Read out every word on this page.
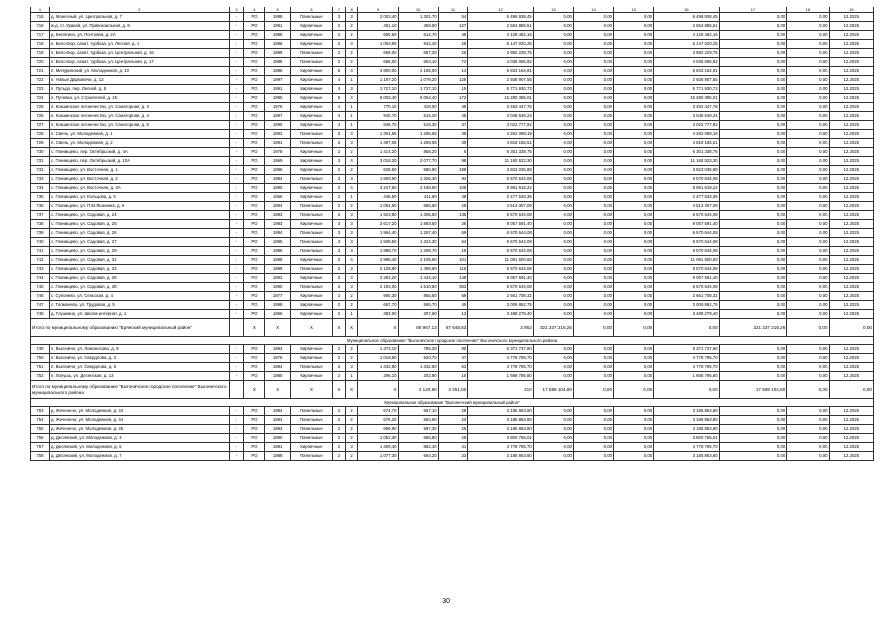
1	2	3	4	5	6	7	8	9	10	11	12	13	14	15	16	17	18	19
715	д. Монетный, ул. Центральная, д. 7	-	РО	1988	Панельные	3	3	2 003,40	1 301,70	54	6 499 938,45	0,00	0,00	0,00	6 499 938,45	0,00	0,00	12.2025
716	ж.д. ст. Уракай, ул. Привокзальная, д. 8	-	РО	1991	Кирпичные	2	2	451,10	368,00	127	2 654 886,51	0,00	0,00	0,00	2 654 886,51	0,00	0,00	12.2025
717	д. Белятино, ул. Почтовая, д. 2А	-	РО	1988	Кирпичные	2	2	655,60	612,70	49	4 128 462,15	0,00	0,00	0,00	4 128 462,15	0,00	0,00	12.2025
718	п. Бело-Бор, санат. турбаза, ул. Лесная, д. 1	-	РО	1986	Кирпичные	2	3	1 063,90	942,40	29	6 147 020,25	0,00	0,00	0,00	6 147 020,25	0,00	0,00	12.2025
719	п. Бело-Бор, санат. турбаза, ул. Центральная, д. 16	-	РО	1989	Панельные	2	2	669,00	657,20	26	3 982 229,75	0,00	0,00	0,00	3 982 229,75	0,00	0,00	12.2025
720	п. Бело-Бор, санат. турбаза, ул. Центральная, д. 17	-	РО	1989	Панельные	2	2	658,00	653,10	72	4 035 065,92	0,00	0,00	0,00	4 035 065,92	0,00	0,00	12.2025
721	п. Мичуринский, ул. Молодежная, д. 10	-	РО	1986	Кирпичные	5	4	4 800,00	2 185,00	14	5 833 164,91	0,00	0,00	0,00	5 833 164,91	0,00	0,00	12.2025
722	п. Новые Дарковичи, д. 13	-	РО	1997	Кирпичные	4	1	1 187,20	1 079,20	128	2 928 907,55	0,00	0,00	0,00	2 928 907,55	0,00	0,00	12.2025
723	п. Путьдо, пер. Лесной, д. 5	-	РО	1991	Кирпичные	4	3	1 727,10	1 727,10	15	5 771 930,73	0,00	0,00	0,00	5 771 930,73	0,00	0,00	12.2025
724	п. Путевка, ул. Строителей, д. 15	-	РО	1990	Кирпичные	5	4	6 002,40	5 054,40	172	15 280 385,01	0,00	0,00	0,00	15 280 385,01	0,00	0,00	12.2025
725	п. Кокшинское лесничество, ул. Санаторная, д. 3	-	РО	1976	Кирпичные	4	1	770,10	418,00	49	3 452 447,78	0,00	0,00	0,00	3 452 447,78	0,00	0,00	12.2025
726	п. Кокшинское лесничество, ул. Санаторная, д. 4	-	РО	1997	Кирпичные	4	1	940,70	515,20	45	3 048 649,24	0,00	0,00	0,00	3 048 649,24	0,00	0,00	12.2025
727	п. Кокшинское лесничество, ул. Санаторная, д. 5	-	РО	1990	Кирпичные	4	1	848,70	519,30	37	3 022 777,92	0,00	0,00	0,00	3 022 777,92	0,00	0,00	12.2025
728	п. Свень, ул. Молодежная, д. 1	-	РО	1992	Панельные	3	3	1 304,55	1 286,65	36	4 262 089,19	0,00	0,00	0,00	4 262 089,19	0,00	0,00	12.2025
729	п. Свень, ул. Молодежная, д. 2	-	РО	1991	Панельные	3	3	1 397,08	1 269,08	39	4 818 165,51	0,00	0,00	0,00	4 818 165,51	0,00	0,00	12.2025
730	с. Глинищево, пер. Октябрьский, д. 4А	-	РО	1978	Кирпичные	2	2	1 414,20	858,20	5	6 301 338,75	0,00	0,00	0,00	6 301 338,75	0,00	0,00	12.2025
731	с. Глинищево, пер. Октябрьский, д. 10А	-	РО	1969	Кирпичные	3	4	3 018,20	2 077,70	98	11 160 523,30	0,00	0,00	0,00	11 160 523,30	0,00	0,00	12.2025
732	с. Глинищево, ул. Восточная, д. 1	-	РО	1986	Кирпичные	2	2	628,60	586,90	198	3 823 036,88	0,00	0,00	0,00	3 823 036,88	0,00	0,00	12.2025
733	с. Глинищево, ул. Восточная, д. 2	-	РО	1984	Панельные	3	3	1 809,90	1 326,30	94	6 570 644,08	0,00	0,00	0,00	6 570 644,08	0,00	0,00	12.2025
734	с. Глинищево, ул. Восточная, д. 3А	-	РО	1990	Кирпичные	3	4	3 247,50	2 158,50	109	8 961 618,22	0,00	0,00	0,00	8 961 618,22	0,00	0,00	12.2025
735	с. Глинищево, ул. Кольцова, д. 6	-	РО	1966	Кирпичные	2	1	446,50	411,60	48	2 477 533,36	0,00	0,00	0,00	2 477 533,36	0,00	0,00	12.2025
736	с. Глинищево, ул. П.М.Яшенина, д. 6	-	РО	1994	Панельные	2	2	1 094,60	655,60	26	4 513 307,09	0,00	0,00	0,00	4 513 307,09	0,00	0,00	12.2025
737	с. Глинищево, ул. Садовая, д. 24	-	РО	1983	Панельные	3	3	1 923,80	1 305,60	136	6 570 644,08	0,00	0,00	0,00	6 570 644,08	0,00	0,00	12.2025
738	с. Глинищево, ул. Садовая, д. 25	-	РО	1983	Кирпичные	3	3	2 617,20	1 893,60	26	9 057 591,40	0,00	0,00	0,00	9 057 591,40	0,00	0,00	12.2025
739	с. Глинищево, ул. Садовая, д. 26	-	РО	1984	Панельные	3	3	1 964,40	1 297,40	69	6 570 644,08	0,00	0,00	0,00	6 570 644,08	0,00	0,00	12.2025
740	с. Глинищево, ул. Садовая, д. 27	-	РО	1985	Панельные	3	3	1 938,50	1 324,30	64	6 570 644,08	0,00	0,00	0,00	6 570 644,08	0,00	0,00	12.2025
741	с. Глинищево, ул. Садовая, д. 29	-	РО	1986	Панельные	3	3	1 988,70	1 299,70	19	6 570 644,08	0,00	0,00	0,00	6 570 644,08	0,00	0,00	12.2025
742	с. Глинищево, ул. Садовая, д. 32	-	РО	1989	Кирпичные	3	4	2 998,40	2 105,60	101	11 081 500,60	0,00	0,00	0,00	11 081 500,60	0,00	0,00	12.2025
743	с. Глинищево, ул. Садовая, д. 33	-	РО	1989	Панельные	3	3	2 128,80	1 499,60	116	6 570 644,08	0,00	0,00	0,00	6 570 644,08	0,00	0,00	12.2025
744	с. Глинищево, ул. Садовая, д. 36	-	РО	1992	Кирпичные	3	3	2 282,20	1 442,10	148	9 057 591,40	0,00	0,00	0,00	9 057 591,40	0,00	0,00	12.2025
745	с. Глинищево, ул. Садовая, д. 38	-	РО	1990	Панельные	3	3	2 194,00	1 510,50	353	6 570 644,08	0,00	0,00	0,00	6 570 644,08	0,00	0,00	12.2025
746	с. Супонево, ул. Сельская, д. 4	-	РО	1977	Кирпичные	2	2	905,30	855,60	59	2 661 708,32	0,00	0,00	0,00	2 661 708,32	0,00	0,00	12.2025
747	с. Толмачево, ул. Трудовая, д. 5	-	РО	1998	Кирпичные	2	2	657,70	595,70	45	3 009 862,75	0,00	0,00	0,00	3 009 862,75	0,00	0,00	12.2025
748	д. Глушкино, ул. Школа-интернат, д. 1	-	РО	1966	Кирпичные	2	1	383,00	307,60	13	3 489 279,40	0,00	0,00	0,00	3 489 279,40	0,00	0,00	12.2025
Итого по муниципальному образованию "Брянский муниципальный район"			X	X	X	X	X	X	86 967,13	67 648,83	3 862	321 337 216,26	0,00	0,00	0,00	321 337 216,26	0,00	0,00
Муниципальное образование "Выгоничское городское поселение" Выгоничского муниципального района																		
749	п. Выгоничи, ул. Ломоносова, д. 9	-	РО	1984	Кирпичные	2	2	1 372,10	785,20	90	6 371 737,60	0,00	0,00	0,00	6 371 737,60	0,00	0,00	12.2025
750	п. Выгоничи, ул. Свердлова, д. 3	-	РО	1976	Кирпичные	2	2	1 018,90	920,70	47	4 778 795,70	0,00	0,00	0,00	4 778 795,70	0,00	0,00	12.2025
751	п. Выгоничи, ул. Свердлова, д. 5	-	РО	1984	Панельные	3	3	1 432,80	1 332,60	63	4 778 795,70	0,00	0,00	0,00	4 778 795,70	0,00	0,00	12.2025
752	п. Лопушь, ул. Десянская, д. 13	-	РО	1980	Кирпичные	2	1	296,10	202,80	10	1 668 795,80	0,00	0,00	0,00	1 668 795,80	0,00	0,00	12.2025
Итого по муниципальному образованию "Выгоничское городское поселение" Выгоничского муниципального района			X	X	X	X	X	X	4 120,90	3 251,00	210	17 598 104,80	0,00	0,00	0,00	17 598 104,80	0,00	0,00
Муниципальное образование "Выгоничский муниципальный район"																		
753	д. Жеченено, ул. Молодежная, д. 43	-	РО	1984	Панельные	2	2	674,70	587,10	28	3 185 863,80	0,00	0,00	0,00	3 185 863,80	0,00	0,00	12.2025
754	д. Жеченено, ул. Молодежная, д. 44	-	РО	1984	Панельные	2	2	676,20	594,60	23	3 185 863,80	0,00	0,00	0,00	3 185 863,80	0,00	0,00	12.2025
755	д. Жеченено, ул. Молодежная, д. 45	-	РО	1984	Панельные	2	2	659,90	597,30	25	3 185 863,80	0,00	0,00	0,00	3 185 863,80	0,00	0,00	12.2025
756	д. Десянский, ул. Молодежная, д. 3	-	РО	1990	Панельные	2	2	1 052,30	655,80	26	3 800 765,01	0,00	0,00	0,00	3 800 765,01	0,00	0,00	12.2025
757	д. Десянский, ул. Молодежная, д. 5	-	РО	1981	Кирпичные	2	3	1 406,40	852,40	41	4 778 795,70	0,00	0,00	0,00	4 778 795,70	0,00	0,00	12.2025
758	д. Десянский, ул. Молодежная, д. 7	-	РО	1989	Панельные	2	2	1 077,30	664,20	23	3 185 863,80	0,00	0,00	0,00	3 185 863,80	0,00	0,00	12.2025
30
